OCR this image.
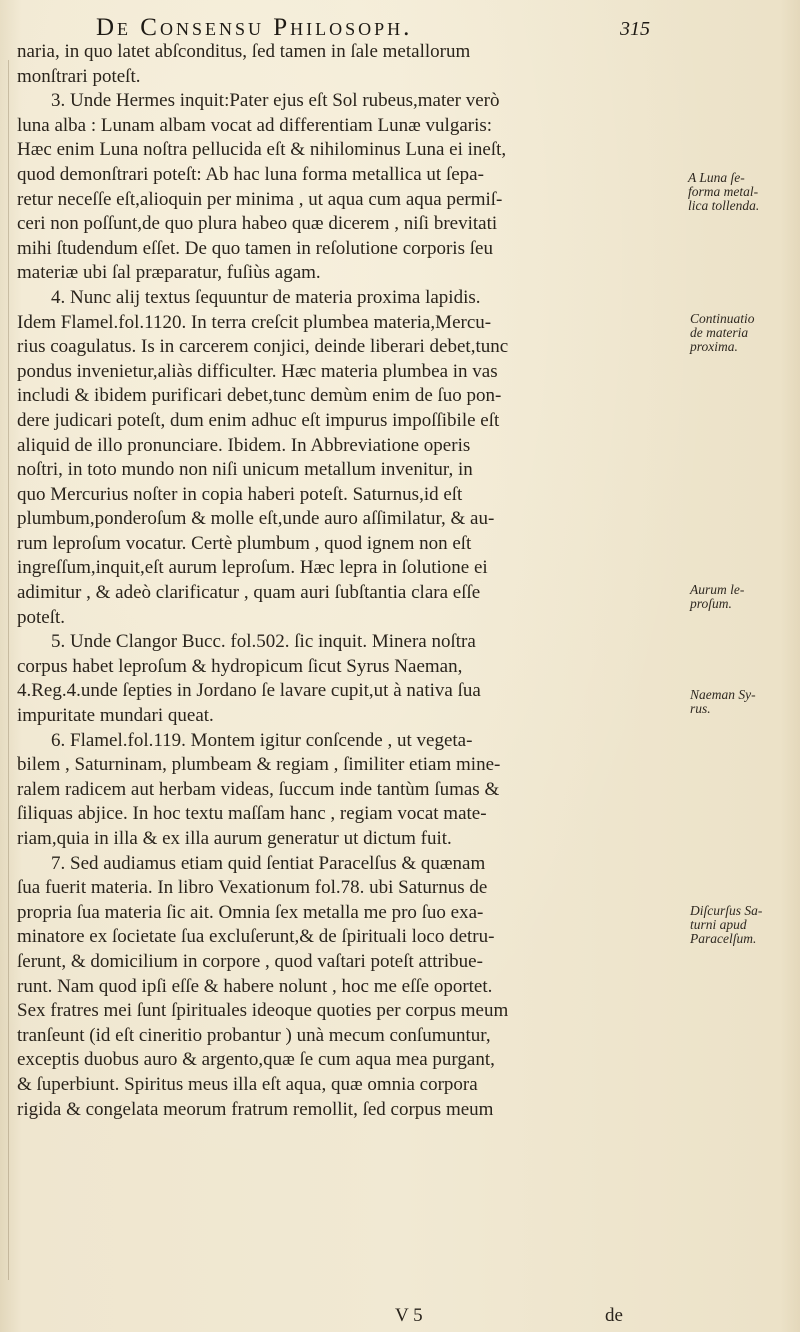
De Consensu Philosoph.	315
naria, in quo latet abſconditus, ſed tamen in ſale metallorum
monſtrari poteſt.
3. Unde Hermes inquit:Pater ejus eſt Sol rubeus,mater verò
luna alba : Lunam albam vocat ad differentiam Lunæ vulgaris:
Hæc enim Luna noſtra pellucida eſt & nihilominus Luna ei ineſt,
quod demonſtrari poteſt: Ab hac luna forma metallica ut ſepa-
retur neceſſe eſt,alioquin per minima , ut aqua cum aqua permiſ-
ceri non poſſunt,de quo plura habeo quæ dicerem , niſi brevitati
mihi ſtudendum eſſet. De quo tamen in reſolutione corporis ſeu
materiæ ubi ſal præparatur, fuſiùs agam.
4. Nunc alij textus ſequuntur de materia proxima lapidis.
Idem Flamel.fol.1120. In terra creſcit plumbea materia,Mercu-
rius coagulatus. Is in carcerem conjici, deinde liberari debet,tunc
pondus invenietur,aliàs difficulter. Hæc materia plumbea in vas
includi & ibidem purificari debet,tunc demùm enim de ſuo pon-
dere judicari poteſt, dum enim adhuc eſt impurus impoſſibile eſt
aliquid de illo pronunciare. Ibidem. In Abbreviatione operis
noſtri, in toto mundo non niſi unicum metallum invenitur, in
quo Mercurius noſter in copia haberi poteſt. Saturnus,id eſt
plumbum,ponderoſum & molle eſt,unde auro aſſimilatur, & au-
rum leproſum vocatur. Certè plumbum , quod ignem non eſt
ingreſſum,inquit,eſt aurum leproſum. Hæc lepra in ſolutione ei
adimitur , & adeò clarificatur , quam auri ſubſtantia clara eſſe
poteſt.
5. Unde Clangor Bucc. fol.502. ſic inquit. Minera noſtra
corpus habet leproſum & hydropicum ſicut Syrus Naeman,
4.Reg.4.unde ſepties in Jordano ſe lavare cupit,ut à nativa ſua
impuritate mundari queat.
6. Flamel.fol.119. Montem igitur conſcende , ut vegeta-
bilem , Saturninam, plumbeam & regiam , ſimiliter etiam mine-
ralem radicem aut herbam videas, ſuccum inde tantùm ſumas &
ſiliquas abjice. In hoc textu maſſam hanc , regiam vocat mate-
riam,quia in illa & ex illa aurum generatur ut dictum fuit.
7. Sed audiamus etiam quid ſentiat Paracelſus & quænam
ſua fuerit materia. In libro Vexationum fol.78. ubi Saturnus de
propria ſua materia ſic ait. Omnia ſex metalla me pro ſuo exa-
minatore ex ſocietate ſua excluſerunt,& de ſpirituali loco detru-
ſerunt, & domicilium in corpore , quod vaſtari poteſt attribue-
runt. Nam quod ipſi eſſe & habere nolunt , hoc me eſſe oportet.
Sex fratres mei ſunt ſpirituales ideoque quoties per corpus meum
tranſeunt (id eſt cineritio probantur ) unà mecum conſumuntur,
exceptis duobus auro & argento,quæ ſe cum aqua mea purgant,
& ſuperbiunt. Spiritus meus illa eſt aqua, quæ omnia corpora
rigida & congelata meorum fratrum remollit, ſed corpus meum
A Luna ſe-
forma metal-
lica tollenda.
Continuatio
de materia
proxima.
Aurum le-
proſum.
Naeman Sy-
rus.
Diſcurſus Sa-
turni apud
Paracelſum.
V 5	de
